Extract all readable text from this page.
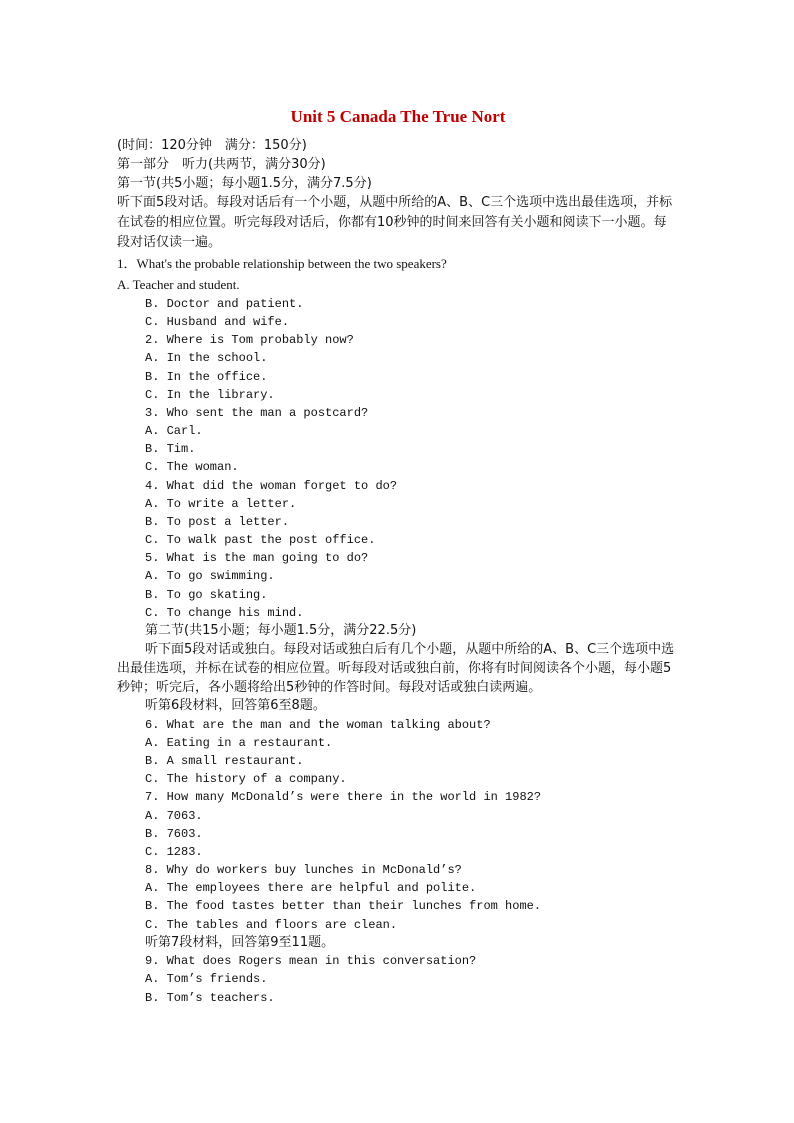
Unit 5 Canada The True Nort

(时间：120分钟　满分：150分)

第一部分　听力(共两节，满分30分)

第一节(共5小题；每小题1.5分，满分7.5分)

听下面5段对话。每段对话后有一个小题，从题中所给的A、B、C三个选项中选出最佳选项，并标在试卷的相应位置。听完每段对话后，你都有10秒钟的时间来回答有关小题和阅读下一小题。每段对话仅读一遍。

1．What's the probable relationship between the two speakers?

A. Teacher and student.

B. Doctor and patient.
C. Husband and wife.
2. Where is Tom probably now?
A. In the school.
B. In the office.
C. In the library.
3. Who sent the man a postcard?
A. Carl.
B. Tim.
C. The woman.
4. What did the woman forget to do?
A. To write a letter.
B. To post a letter.
C. To walk past the post office.
5. What is the man going to do?
A. To go swimming.
B. To go skating.
C. To change his mind.

第二节(共15小题；每小题1.5分，满分22.5分)

听下面5段对话或独白。每段对话或独白后有几个小题，从题中所给的A、B、C三个选项中选出最佳选项，并标在试卷的相应位置。听每段对话或独白前，你将有时间阅读各个小题，每小题5秒钟；听完后，各小题将给出5秒钟的作答时间。每段对话或独白读两遍。

听第6段材料，回答第6至8题。

6. What are the man and the woman talking about?
A. Eating in a restaurant.
B. A small restaurant.
C. The history of a company.
7. How many McDonald’s were there in the world in 1982?
A. 7063.
B. 7603.
C. 1283.
8. Why do workers buy lunches in McDonald’s?
A. The employees there are helpful and polite.
B. The food tastes better than their lunches from home.
C. The tables and floors are clean.

听第7段材料，回答第9至11题。

9. What does Rogers mean in this conversation?
A. Tom’s friends.
B. Tom’s teachers.
